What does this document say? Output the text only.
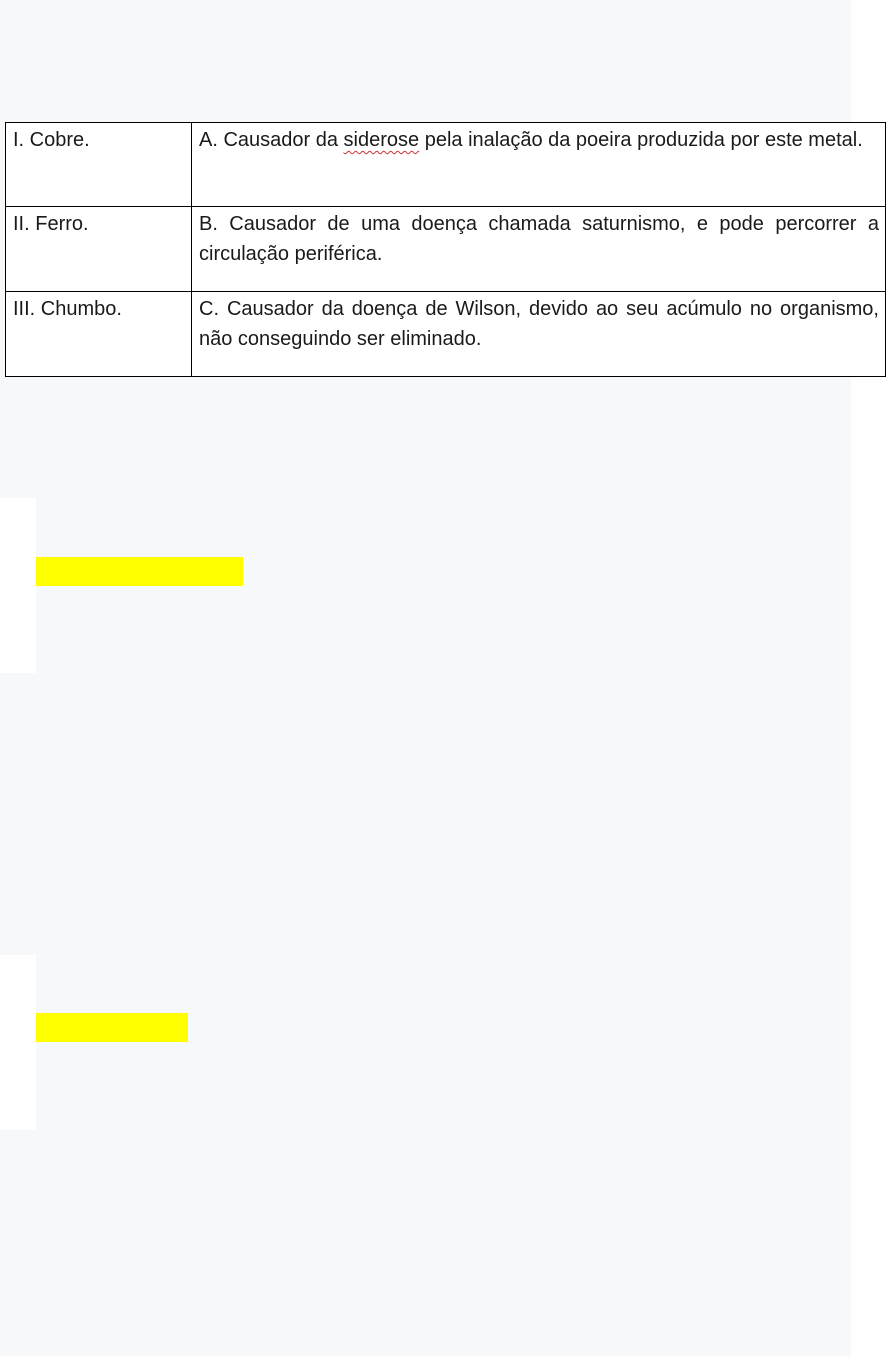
I. Cobre.	A. Causador da siderose pela inalação da poeira produzida por este metal.

II. Ferro.	B. Causador de uma doença chamada saturnismo, e pode percorrer a circulação periférica.

III. Chumbo.	C. Causador da doença de Wilson, devido ao seu acúmulo no organismo, não conseguindo ser eliminado.
